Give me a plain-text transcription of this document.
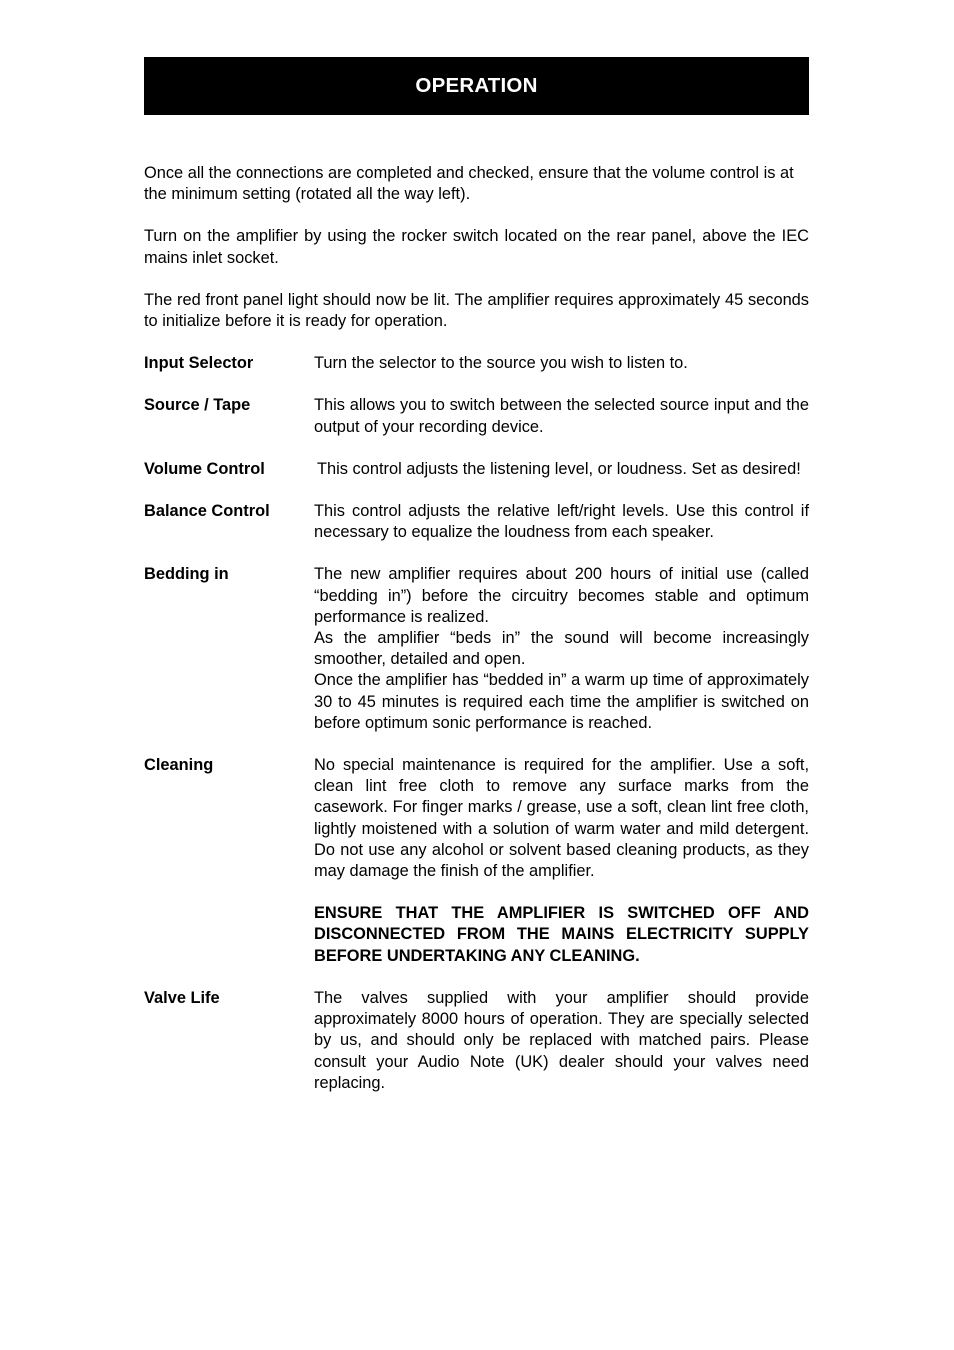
OPERATION

Once all the connections are completed and checked, ensure that the volume control is at the minimum setting (rotated all the way left).

Turn on the amplifier by using the rocker switch located on the rear panel, above the IEC mains inlet socket.

The red front panel light should now be lit. The amplifier requires approximately 45 seconds to initialize before it is ready for operation.

Input Selector	Turn the selector to the source you wish to listen to.

Source / Tape	This allows you to switch between the selected source input and the output of your recording device.

Volume Control	This control adjusts the listening level, or loudness. Set as desired!

Balance Control	This control adjusts the relative left/right levels. Use this control if necessary to equalize the loudness from each speaker.

Bedding in	The new amplifier requires about 200 hours of initial use (called “bedding in”) before the circuitry becomes stable and optimum performance is realized.

As the amplifier “beds in” the sound will become increasingly smoother, detailed and open.

Once the amplifier has “bedded in” a warm up time of approximately 30 to 45 minutes is required each time the amplifier is switched on before optimum sonic performance is reached.

Cleaning	No special maintenance is required for the amplifier. Use a soft, clean lint free cloth to remove any surface marks from the casework. For finger marks / grease, use a soft, clean lint free cloth, lightly moistened with a solution of warm water and mild detergent. Do not use any alcohol or solvent based cleaning products, as they may damage the finish of the amplifier.

ENSURE THAT THE AMPLIFIER IS SWITCHED OFF AND DISCONNECTED FROM THE MAINS ELECTRICITY SUPPLY BEFORE UNDERTAKING ANY CLEANING.

Valve Life	The valves supplied with your amplifier should provide approximately 8000 hours of operation. They are specially selected by us, and should only be replaced with matched pairs. Please consult your Audio Note (UK) dealer should your valves need replacing.
